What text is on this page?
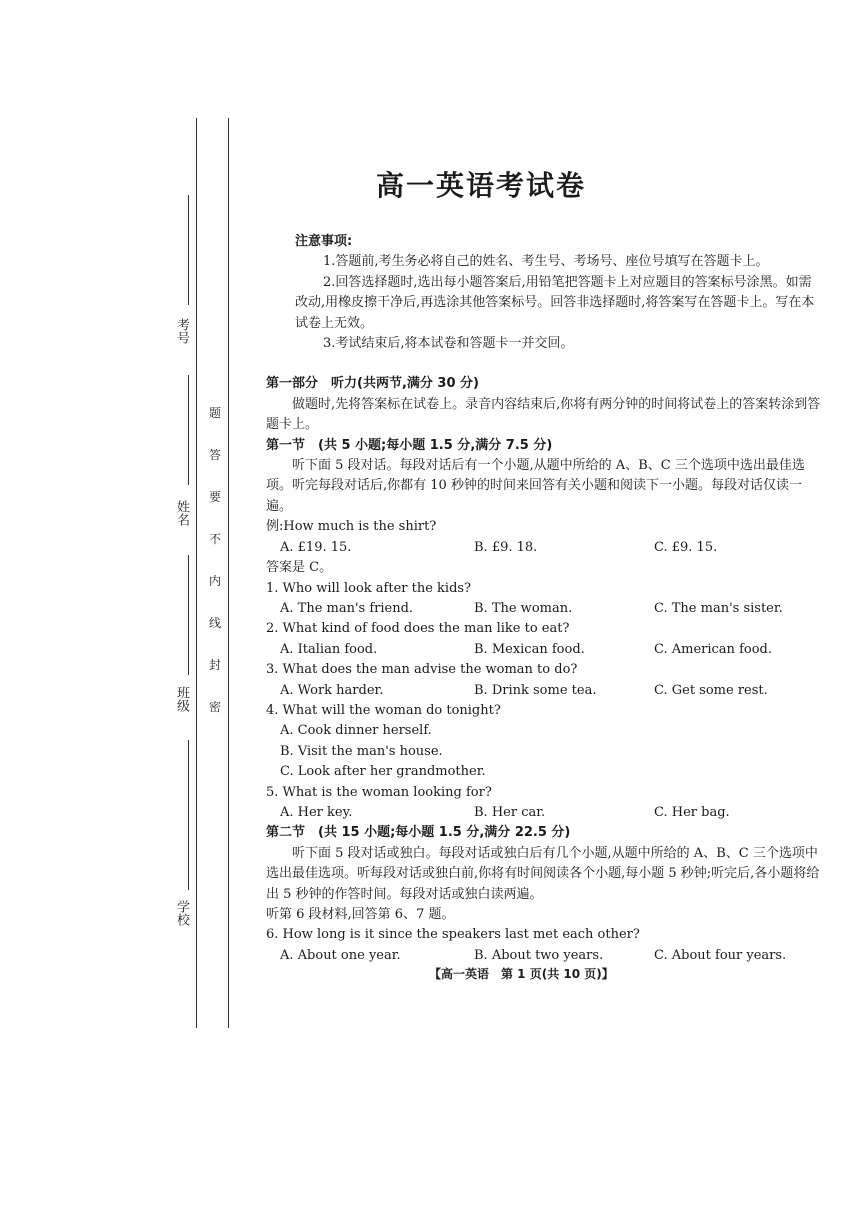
考号
姓名
班级
学校
题
答
要
不
内
线
封
密
高一英语考试卷
注意事项:

1.答题前,考生务必将自己的姓名、考生号、考场号、座位号填写在答题卡上。

2.回答选择题时,选出每小题答案后,用铅笔把答题卡上对应题目的答案标号涂黑。如需改动,用橡皮擦干净后,再选涂其他答案标号。回答非选择题时,将答案写在答题卡上。写在本试卷上无效。

3.考试结束后,将本试卷和答题卡一并交回。

第一部分　听力(共两节,满分 30 分)

做题时,先将答案标在试卷上。录音内容结束后,你将有两分钟的时间将试卷上的答案转涂到答题卡上。

第一节　(共 5 小题;每小题 1.5 分,满分 7.5 分)

听下面 5 段对话。每段对话后有一个小题,从题中所给的 A、B、C 三个选项中选出最佳选项。听完每段对话后,你都有 10 秒钟的时间来回答有关小题和阅读下一小题。每段对话仅读一遍。

例:How much is the shirt?

A. £19. 15.	B. £9. 18.	C. £9. 15.

答案是 C。

1. Who will look after the kids?

A. The man's friend.	B. The woman.	C. The man's sister.

2. What kind of food does the man like to eat?

A. Italian food.	B. Mexican food.	C. American food.

3. What does the man advise the woman to do?

A. Work harder.	B. Drink some tea.	C. Get some rest.

4. What will the woman do tonight?

A. Cook dinner herself.

B. Visit the man's house.

C. Look after her grandmother.

5. What is the woman looking for?

A. Her key.	B. Her car.	C. Her bag.
第二节　(共 15 小题;每小题 1.5 分,满分 22.5 分)

听下面 5 段对话或独白。每段对话或独白后有几个小题,从题中所给的 A、B、C 三个选项中选出最佳选项。听每段对话或独白前,你将有时间阅读各个小题,每小题 5 秒钟;听完后,各小题将给出 5 秒钟的作答时间。每段对话或独白读两遍。

听第 6 段材料,回答第 6、7 题。

6. How long is it since the speakers last met each other?

A. About one year.	B. About two years.	C. About four years.
【高一英语　第 1 页(共 10 页)】
